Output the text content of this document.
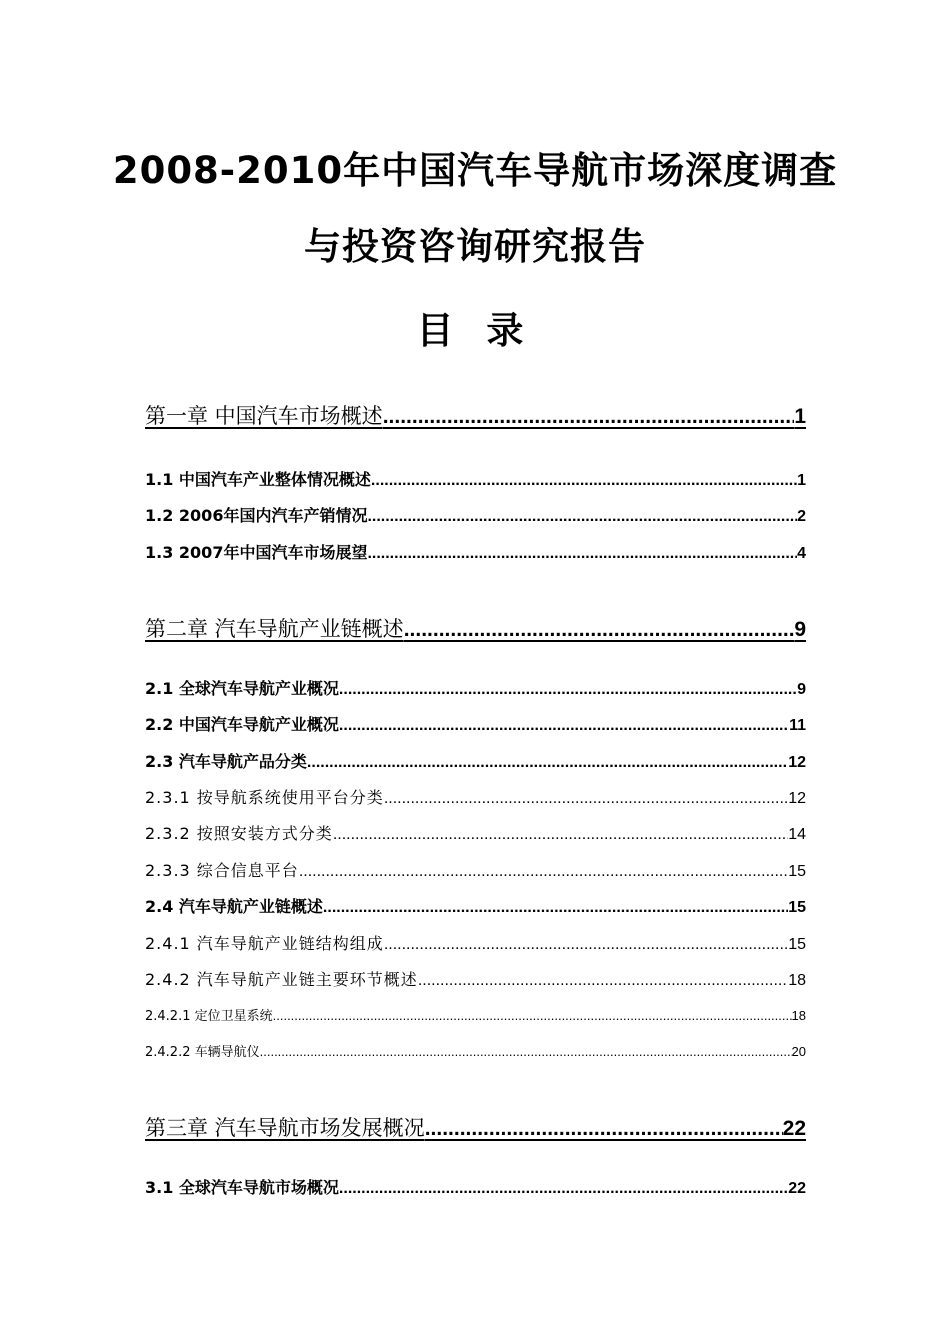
2008-2010年中国汽车导航市场深度调查
与投资咨询研究报告
目 录
第一章 中国汽车市场概述 .....	1
1.1 中国汽车产业整体情况概述 .....	1
1.2 2006年国内汽车产销情况 .....	2
1.3 2007年中国汽车市场展望 .....	4
第二章 汽车导航产业链概述 .....	9
2.1 全球汽车导航产业概况 .....	9
2.2 中国汽车导航产业概况 .....	11
2.3 汽车导航产品分类 .....	12
2.3.1 按导航系统使用平台分类 .....	12
2.3.2 按照安装方式分类 .....	14
2.3.3 综合信息平台 .....	15
2.4 汽车导航产业链概述 .....	15
2.4.1 汽车导航产业链结构组成 .....	15
2.4.2 汽车导航产业链主要环节概述 .....	18
2.4.2.1 定位卫星系统 .....	18
2.4.2.2 车辆导航仪 .....	20
第三章 汽车导航市场发展概况 .....	22
3.1 全球汽车导航市场概况 .....	22
